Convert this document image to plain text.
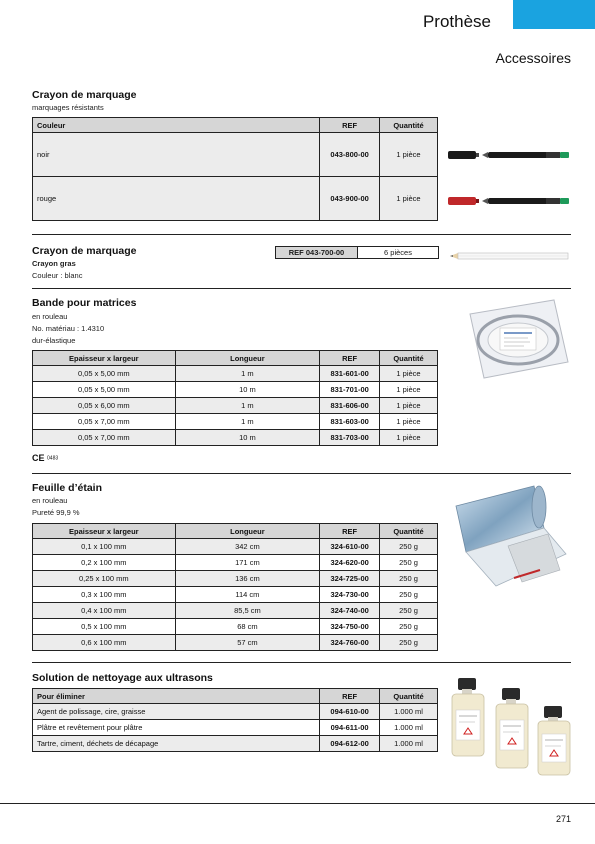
Prothèse
Accessoires
Crayon de marquage
marquages résistants
Couleur	REF	Quantité
noir	043-800-00	1 pièce
rouge	043-900-00	1 pièce
Crayon de marquage
Crayon gras
Couleur : blanc
REF 043-700-00	6 pièces
Bande pour matrices
en rouleau
No. matériau : 1.4310
dur-élastique
Epaisseur x largeur	Longueur	REF	Quantité
0,05 x 5,00 mm	1 m	831-601-00	1 pièce
0,05 x 5,00 mm	10 m	831-701-00	1 pièce
0,05 x 6,00 mm	1 m	831-606-00	1 pièce
0,05 x 7,00 mm	1 m	831-603-00	1 pièce
0,05 x 7,00 mm	10 m	831-703-00	1 pièce
CE 0483
Feuille d’étain
en rouleau
Pureté 99,9 %
Epaisseur x largeur	Longueur	REF	Quantité
0,1 x 100 mm	342 cm	324-610-00	250 g
0,2 x 100 mm	171 cm	324-620-00	250 g
0,25 x 100 mm	136 cm	324-725-00	250 g
0,3 x 100 mm	114 cm	324-730-00	250 g
0,4 x 100 mm	85,5 cm	324-740-00	250 g
0,5 x 100 mm	68 cm	324-750-00	250 g
0,6 x 100 mm	57 cm	324-760-00	250 g
Solution de nettoyage aux ultrasons
Pour éliminer	REF	Quantité
Agent de polissage, cire, graisse	094-610-00	1.000 ml
Plâtre et revêtement pour plâtre	094-611-00	1.000 ml
Tartre, ciment, déchets de décapage	094-612-00	1.000 ml
271
